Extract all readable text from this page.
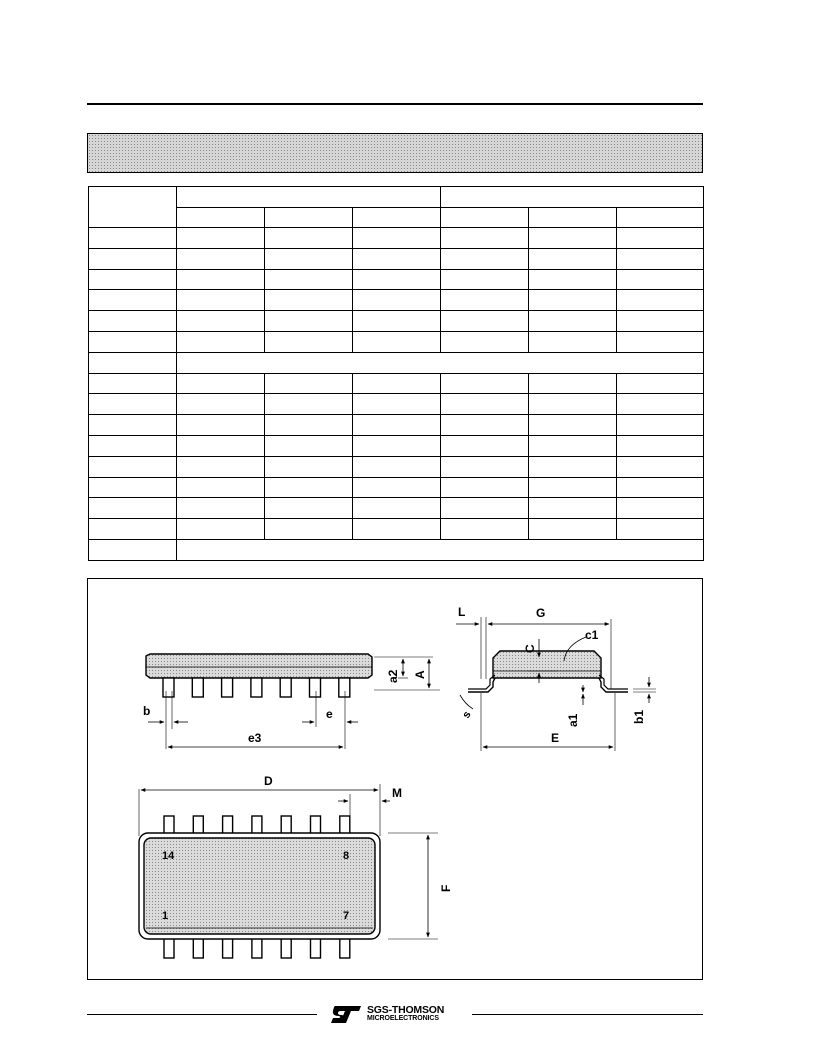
a2 A
b	e
e3
L	G
C
c1
s	a1	b1
E
D
M
14	8
1	7
F
SGS-THOMSON
MICROELECTRONICS
